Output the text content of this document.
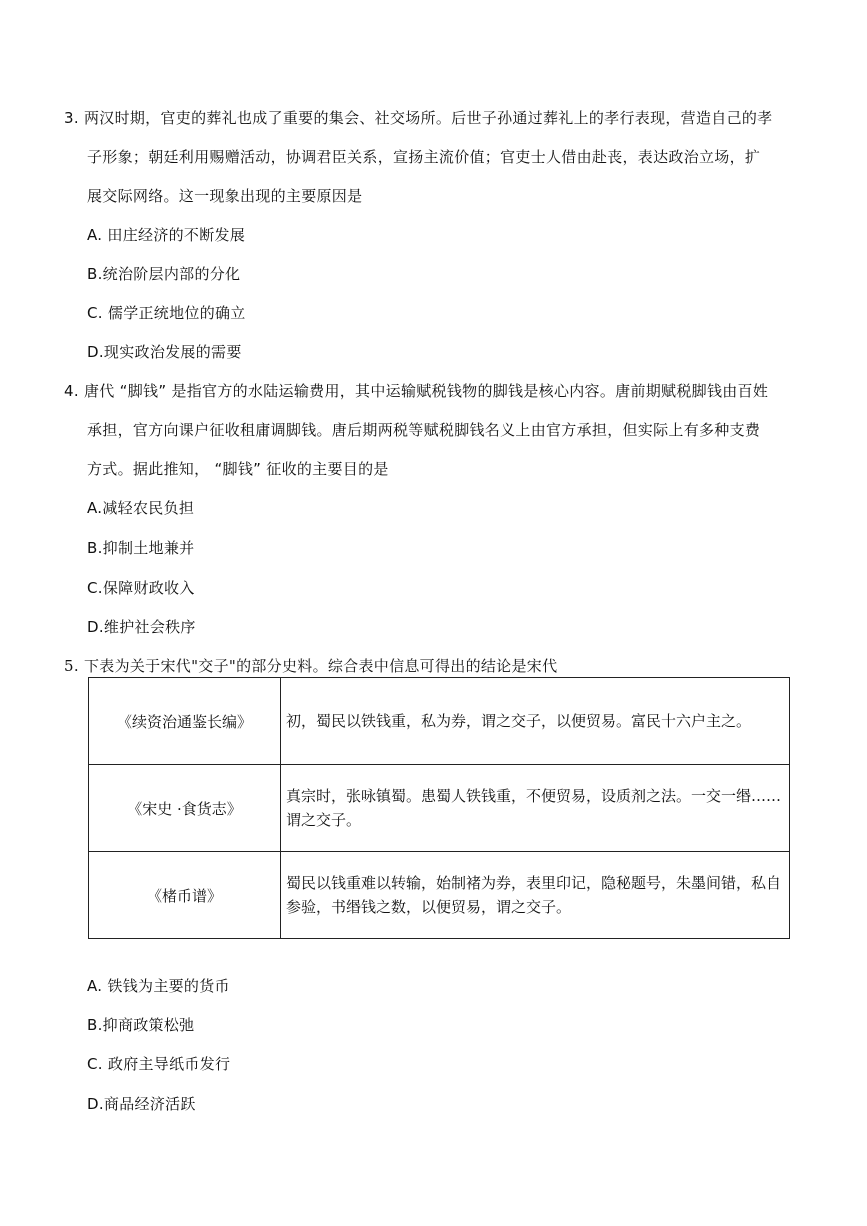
3. 两汉时期，官吏的葬礼也成了重要的集会、社交场所。后世子孙通过葬礼上的孝行表现，营造自己的孝
子形象；朝廷利用赐赠活动，协调君臣关系，宣扬主流价值；官吏士人借由赴丧，表达政治立场，扩
展交际网络。这一现象出现的主要原因是
A. 田庄经济的不断发展
B.统治阶层内部的分化
C. 儒学正统地位的确立
D.现实政治发展的需要
4. 唐代 “脚钱” 是指官方的水陆运输费用，其中运输赋税钱物的脚钱是核心内容。唐前期赋税脚钱由百姓
承担，官方向课户征收租庸调脚钱。唐后期两税等赋税脚钱名义上由官方承担，但实际上有多种支费
方式。据此推知， “脚钱” 征收的主要目的是
A.减轻农民负担
B.抑制土地兼并
C.保障财政收入
D.维护社会秩序
5. 下表为关于宋代"交子"的部分史料。综合表中信息可得出的结论是宋代
《续资治通鉴长编》	初，蜀民以铁钱重，私为券，谓之交子，以便贸易。富民十六户主之。
《宋史 ·食货志》	真宗时，张咏镇蜀。患蜀人铁钱重，不便贸易，设质剂之法。一交一缗……谓之交子。
《楮币谱》	蜀民以钱重难以转输，始制褚为券，表里印记，隐秘题号，朱墨间错，私自参验，书缗钱之数，以便贸易，谓之交子。
A. 铁钱为主要的货币
B.抑商政策松弛
C. 政府主导纸币发行
D.商品经济活跃
